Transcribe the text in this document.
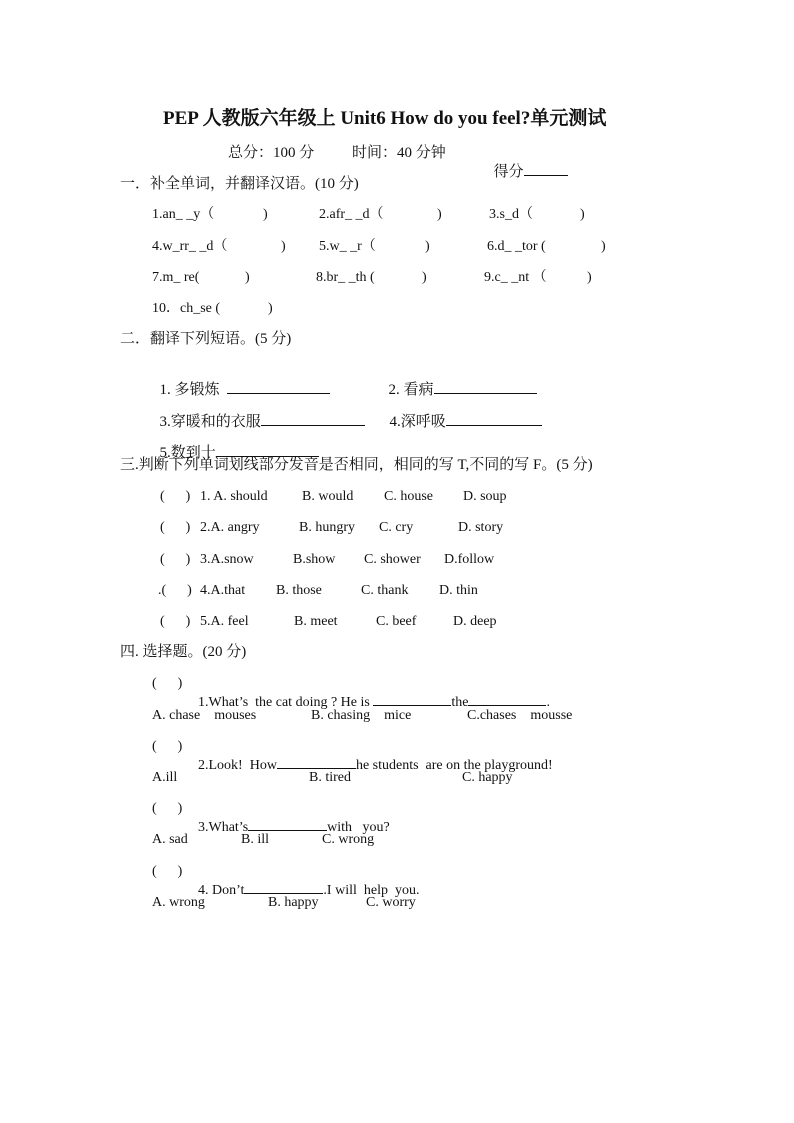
PEP 人教版六年级上 Unit6 How do you feel?单元测试
总分：100 分	时间：40 分钟

得分

一．补全单词，并翻译汉语。(10 分)
1.an_ _y（	)	2.afr_ _d（	)	3.s_d（	)
4.w_rr_ _d（	) 5.w_ _r（	)	6.d_ _tor (	)
7.m_ re(	)	8.br_ _th (	)	9.c_ _nt （	)
10．ch_se (	)
二．翻译下列短语。(5 分)

1. 多锻炼	2. 看病

3.穿暖和的衣服	4.深呼吸

5.数到十

三.判断下列单词划线部分发音是否相同，相同的写 T,不同的写 F。(5 分)
(      ) 1. A. should B. would C. house D. soup
(      ) 2.A. angry	B. hungry C. cry	D. story
(      ) 3.A.snow	B.show C. shower D.follow
.(      ) 4.A.that B. those	C. thank D. thin
(      ) 5.A. feel	B. meet	C. beef	D. deep
四. 选择题。(20 分)
(      )

1.What’s  the cat doing ? He is	the	.

A. chase    mouses	B. chasing    mice	C.chases    mousse
(      )

2.Look!  How	he students  are on the playground!

A.ill	B. tired	C. happy
(      )

3.What’s	with   you?

A. sad	B. ill	C. wrong
(      )

4. Don’t	.I will  help  you.

A. wrong	B. happy	C. worry
